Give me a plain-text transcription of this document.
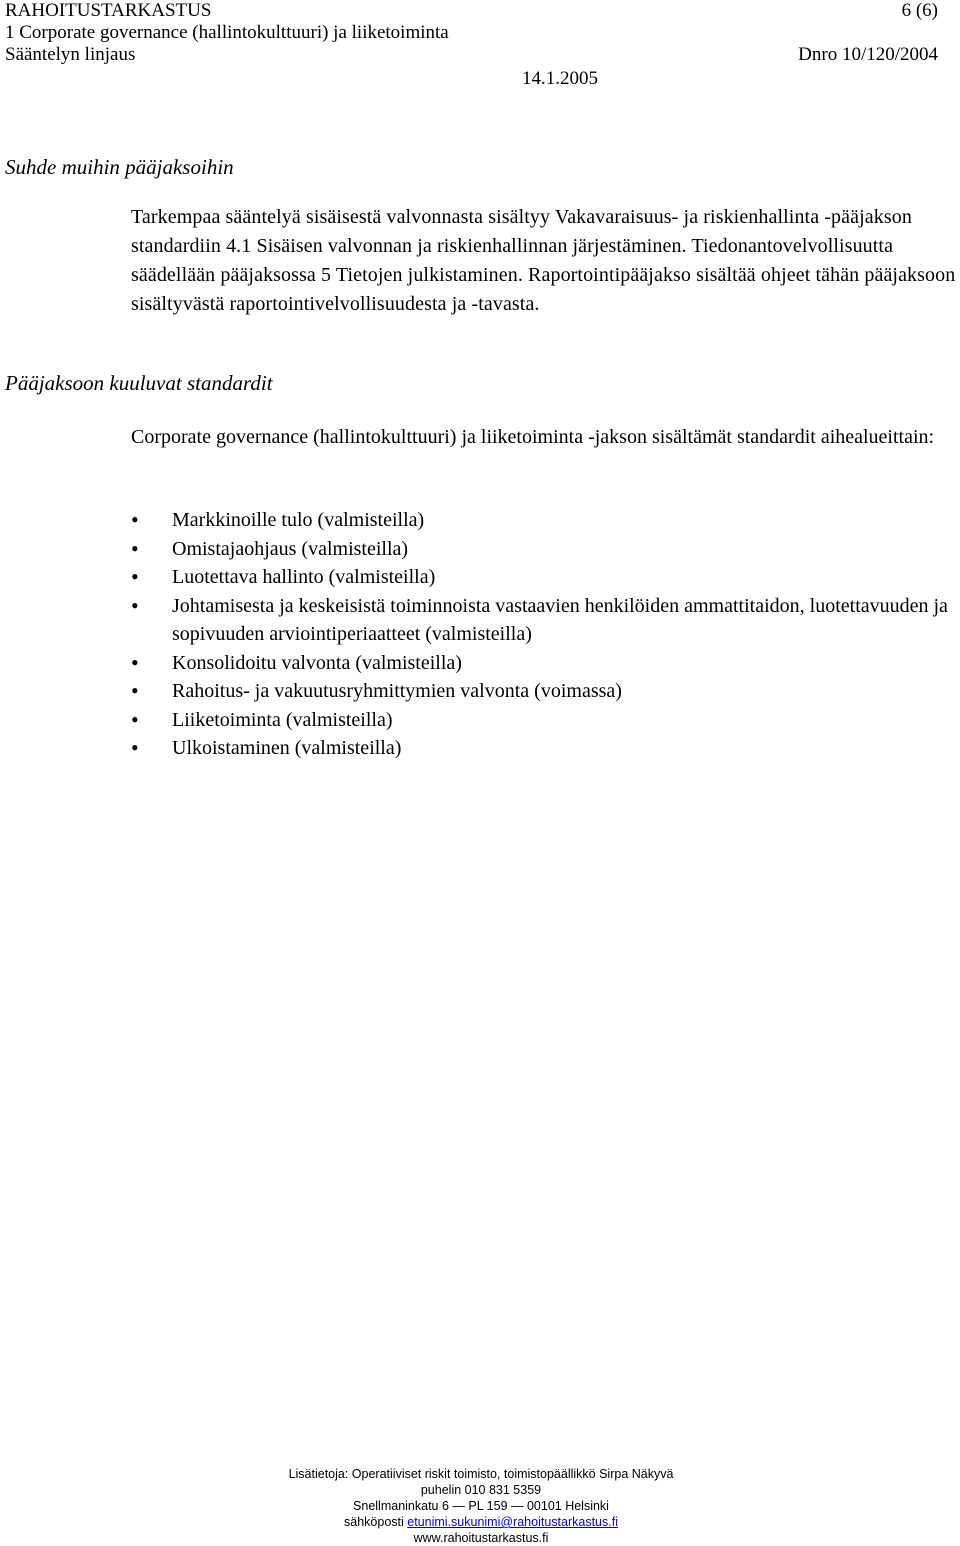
RAHOITUSTARKASTUS	6 (6)
1 Corporate governance (hallintokulttuuri) ja liiketoiminta
Sääntelyn linjaus	Dnro 10/120/2004
14.1.2005
Suhde muihin pääjaksoihin
Tarkempaa sääntelyä sisäisestä valvonnasta sisältyy Vakavaraisuus- ja riskienhallinta -pääjakson standardiin 4.1 Sisäisen valvonnan ja riskienhallinnan järjestäminen. Tiedonantovelvollisuutta säädellään pääjaksossa 5 Tietojen julkistaminen. Raportointipääjakso sisältää ohjeet tähän pääjaksoon sisältyvästä raportointivelvollisuudesta ja -tavasta.
Pääjaksoon kuuluvat standardit
Corporate governance (hallintokulttuuri) ja liiketoiminta -jakson sisältämät standardit aihealueittain:
• Markkinoille tulo (valmisteilla)
• Omistajaohjaus (valmisteilla)
• Luotettava hallinto (valmisteilla)
• Johtamisesta ja keskeisistä toiminnoista vastaavien henkilöiden ammattitaidon, luotettavuuden ja sopivuuden arviointiperiaatteet (valmisteilla)
• Konsolidoitu valvonta (valmisteilla)
• Rahoitus- ja vakuutusryhmittymien valvonta (voimassa)
• Liiketoiminta (valmisteilla)
• Ulkoistaminen (valmisteilla)
Lisätietoja: Operatiiviset riskit toimisto, toimistopäällikkö Sirpa Näkyvä
puhelin 010 831 5359
Snellmaninkatu 6 — PL 159 — 00101 Helsinki
sähköposti etunimi.sukunimi@rahoitustarkastus.fi
www.rahoitustarkastus.fi
